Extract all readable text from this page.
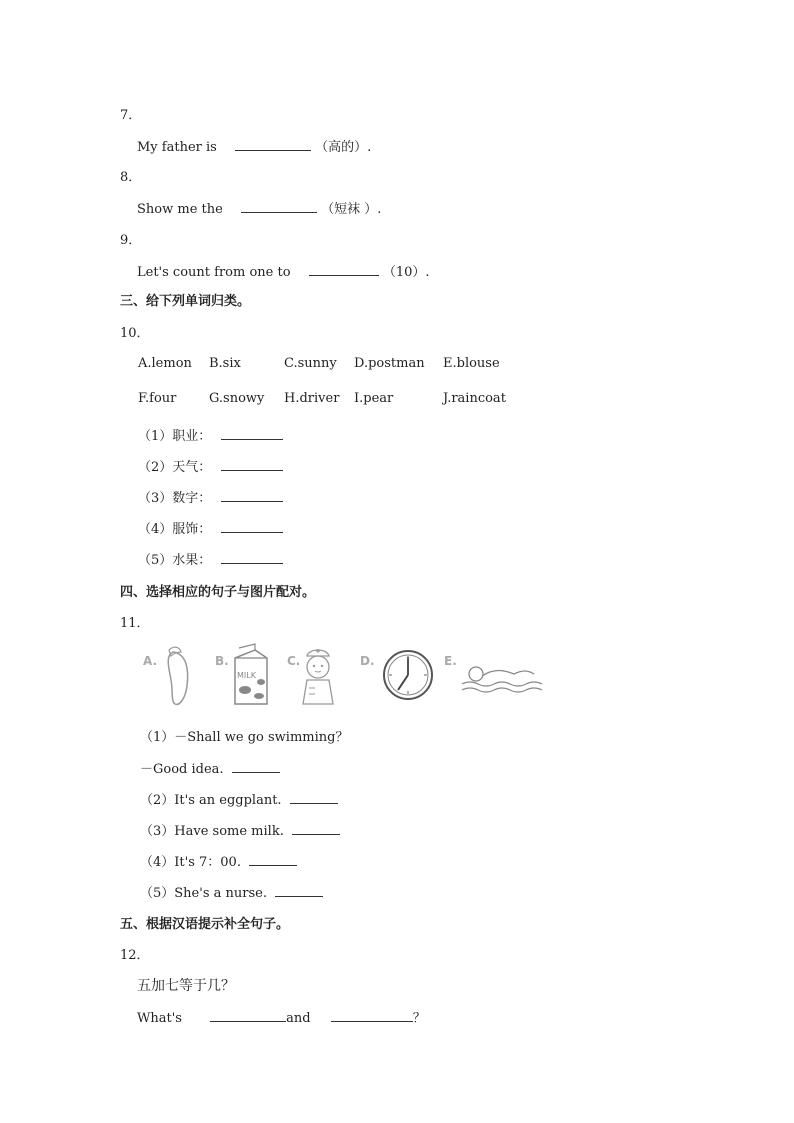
7．
My father is	（高的）.
8．
Show me the	（短袜 ）.
9．
Let's count from one to	（10）.
三、给下列单词归类。
10．
A.lemon B.six	C.sunny D.postman E.blouse
F.four	G.snowy H.driver I.pear	J.raincoat
（1）职业：
（2）天气：
（3）数字：
（4）服饰：
（5）水果：
四、选择相应的句子与图片配对。
11．
A.	B.
MILK
C.	D.	E.
（1）－Shall we go swimming？
－Good idea.
（2）It's an eggplant.
（3）Have some milk.
（4）It's 7：00.
（5）She's a nurse.
五、根据汉语提示补全句子。
12．
五加七等于几？
What's	and	？
